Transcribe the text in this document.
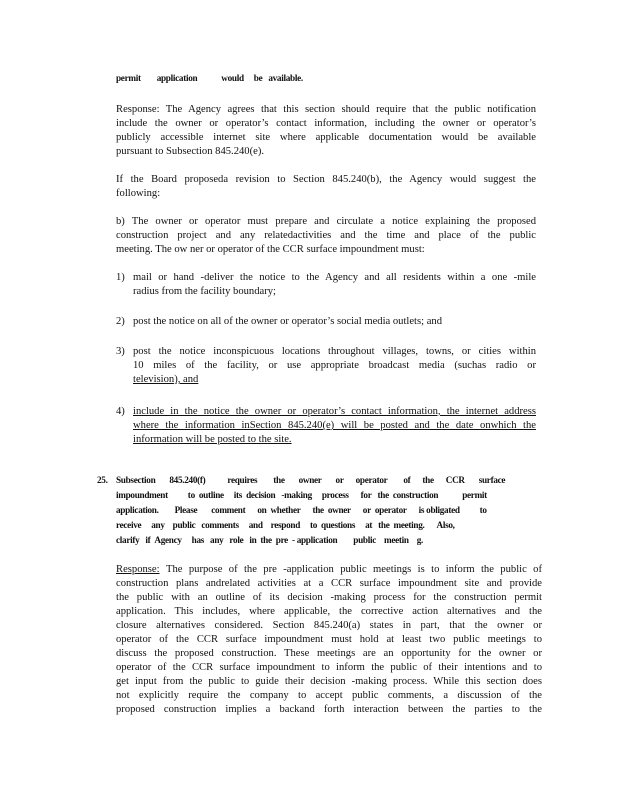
permit        application            would     be   available.
Response: The Agency agrees that this section should require that the public notification
include the owner or operator’s contact information, including the owner or operator’s
publicly accessible internet site where applicable documentation would be available
pursuant to Subsection 845.240(e).
If the Board proposeda revision to Section 845.240(b), the Agency would suggest the
following:
b) The owner or operator must prepare and circulate a notice explaining the proposed
construction project and any relatedactivities and the time and place of the public
meeting. The ow ner or operator of the CCR surface impoundment must:
1) mail or hand -deliver the notice to the Agency and all residents within a one -mile
radius from the facility boundary;
2) post the notice on all of the owner or operator’s social media outlets; and
3) post the notice inconspicuous locations throughout villages, towns, or cities within
10 miles of the facility, or use appropriate broadcast media (suchas radio or
television), and
4) include in the notice the owner or operator’s contact information, the internet address
where the information inSection 845.240(e) will be posted and the date onwhich the
information will be posted to the site.
25. Subsection       845.240(f)           requires        the       owner       or      operator        of      the      CCR       surface
impoundment          to  outline     its  decision   -making     process      for   the  construction            permit
application.        Please       comment      on  whether      the  owner      or  operator      is obligated          to
receive     any    public   comments     and    respond     to  questions     at   the  meeting.      Also,
clarify   if  Agency     has   any   role   in  the  pre  - application        public    meetin    g.
Response: The purpose of the pre -application public meetings is to inform the public of
construction plans andrelated activities at a CCR surface impoundment site and provide
the public with an outline of its decision -making process for the construction permit
application. This includes, where applicable, the corrective action alternatives and the
closure alternatives considered. Section 845.240(a) states in part, that the owner or
operator of the CCR surface impoundment must hold at least two public meetings to
discuss the proposed construction. These meetings are an opportunity for the owner or
operator of the CCR surface impoundment to inform the public of their intentions and to
get input from the public to guide their decision -making process. While this section does
not explicitly require the company to accept public comments, a discussion of the
proposed construction implies a backand forth interaction between the parties to the
